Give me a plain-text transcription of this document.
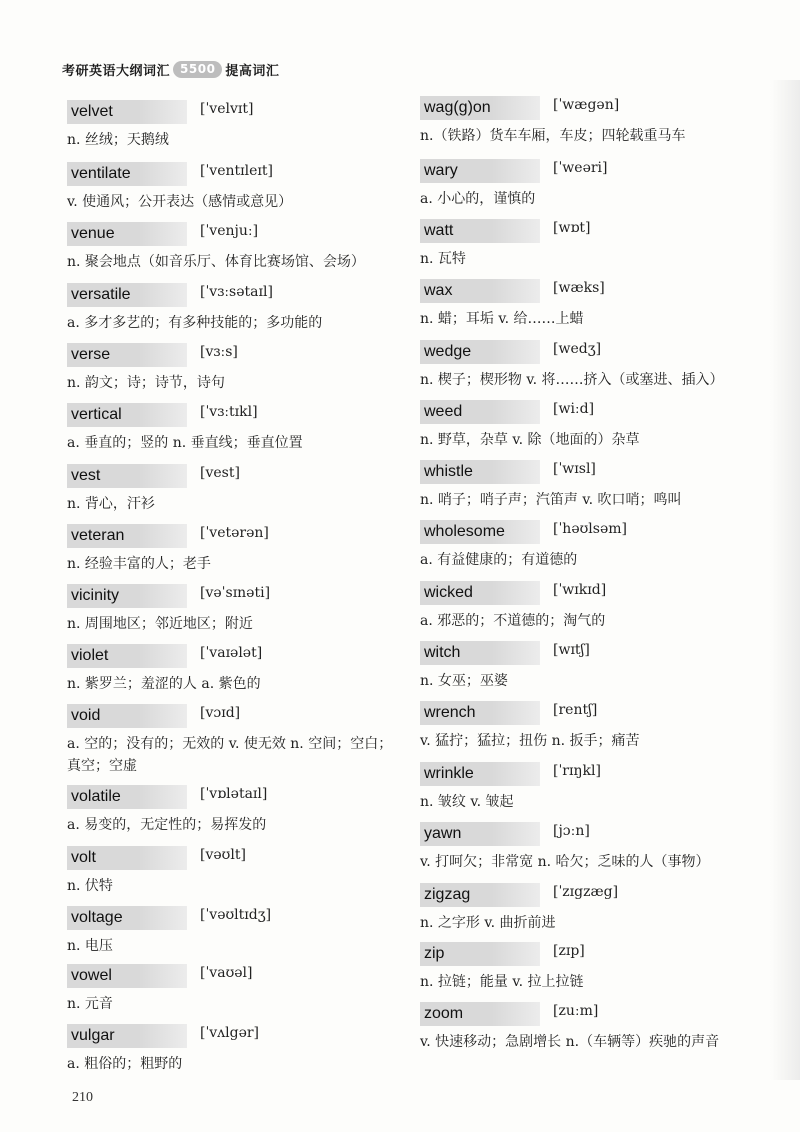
考研英语大纲词汇 5500 提高词汇
velvet	[ˈvelvɪt]
n. 丝绒；天鹅绒
ventilate	[ˈventɪleɪt]
v. 使通风；公开表达（感情或意见）
venue	[ˈvenjuː]
n. 聚会地点（如音乐厅、体育比赛场馆、会场）
versatile	[ˈvɜːsətaɪl]
a. 多才多艺的；有多种技能的；多功能的
verse	[vɜːs]
n. 韵文；诗；诗节，诗句
vertical	[ˈvɜːtɪkl]
a. 垂直的；竖的 n. 垂直线；垂直位置
vest	[vest]
n. 背心，汗衫
veteran	[ˈvetərən]
n. 经验丰富的人；老手
vicinity	[vəˈsɪnəti]
n. 周围地区；邻近地区；附近
violet	[ˈvaɪələt]
n. 紫罗兰；羞涩的人 a. 紫色的
void	[vɔɪd]
a. 空的；没有的；无效的 v. 使无效 n. 空间；空白；真空；空虚
volatile	[ˈvɒlətaɪl]
a. 易变的，无定性的；易挥发的
volt	[vəʊlt]
n. 伏特
voltage	[ˈvəʊltɪdʒ]
n. 电压
vowel	[ˈvaʊəl]
n. 元音
vulgar	[ˈvʌlgər]
a. 粗俗的；粗野的
wag(g)on	[ˈwægən]
n.（铁路）货车车厢，车皮；四轮载重马车
wary	[ˈweəri]
a. 小心的，谨慎的
watt	[wɒt]
n. 瓦特
wax	[wæks]
n. 蜡；耳垢 v. 给……上蜡
wedge	[wedʒ]
n. 楔子；楔形物 v. 将……挤入（或塞进、插入）
weed	[wiːd]
n. 野草，杂草 v. 除（地面的）杂草
whistle	[ˈwɪsl]
n. 哨子；哨子声；汽笛声 v. 吹口哨；鸣叫
wholesome	[ˈhəʊlsəm]
a. 有益健康的；有道德的
wicked	[ˈwɪkɪd]
a. 邪恶的；不道德的；淘气的
witch	[wɪtʃ]
n. 女巫；巫婆
wrench	[rentʃ]
v. 猛拧；猛拉；扭伤 n. 扳手；痛苦
wrinkle	[ˈrɪŋkl]
n. 皱纹 v. 皱起
yawn	[jɔːn]
v. 打呵欠；非常宽 n. 哈欠；乏味的人（事物）
zigzag	[ˈzɪgzæg]
n. 之字形 v. 曲折前进
zip	[zɪp]
n. 拉链；能量 v. 拉上拉链
zoom	[zuːm]
v. 快速移动；急剧增长 n.（车辆等）疾驰的声音
210
